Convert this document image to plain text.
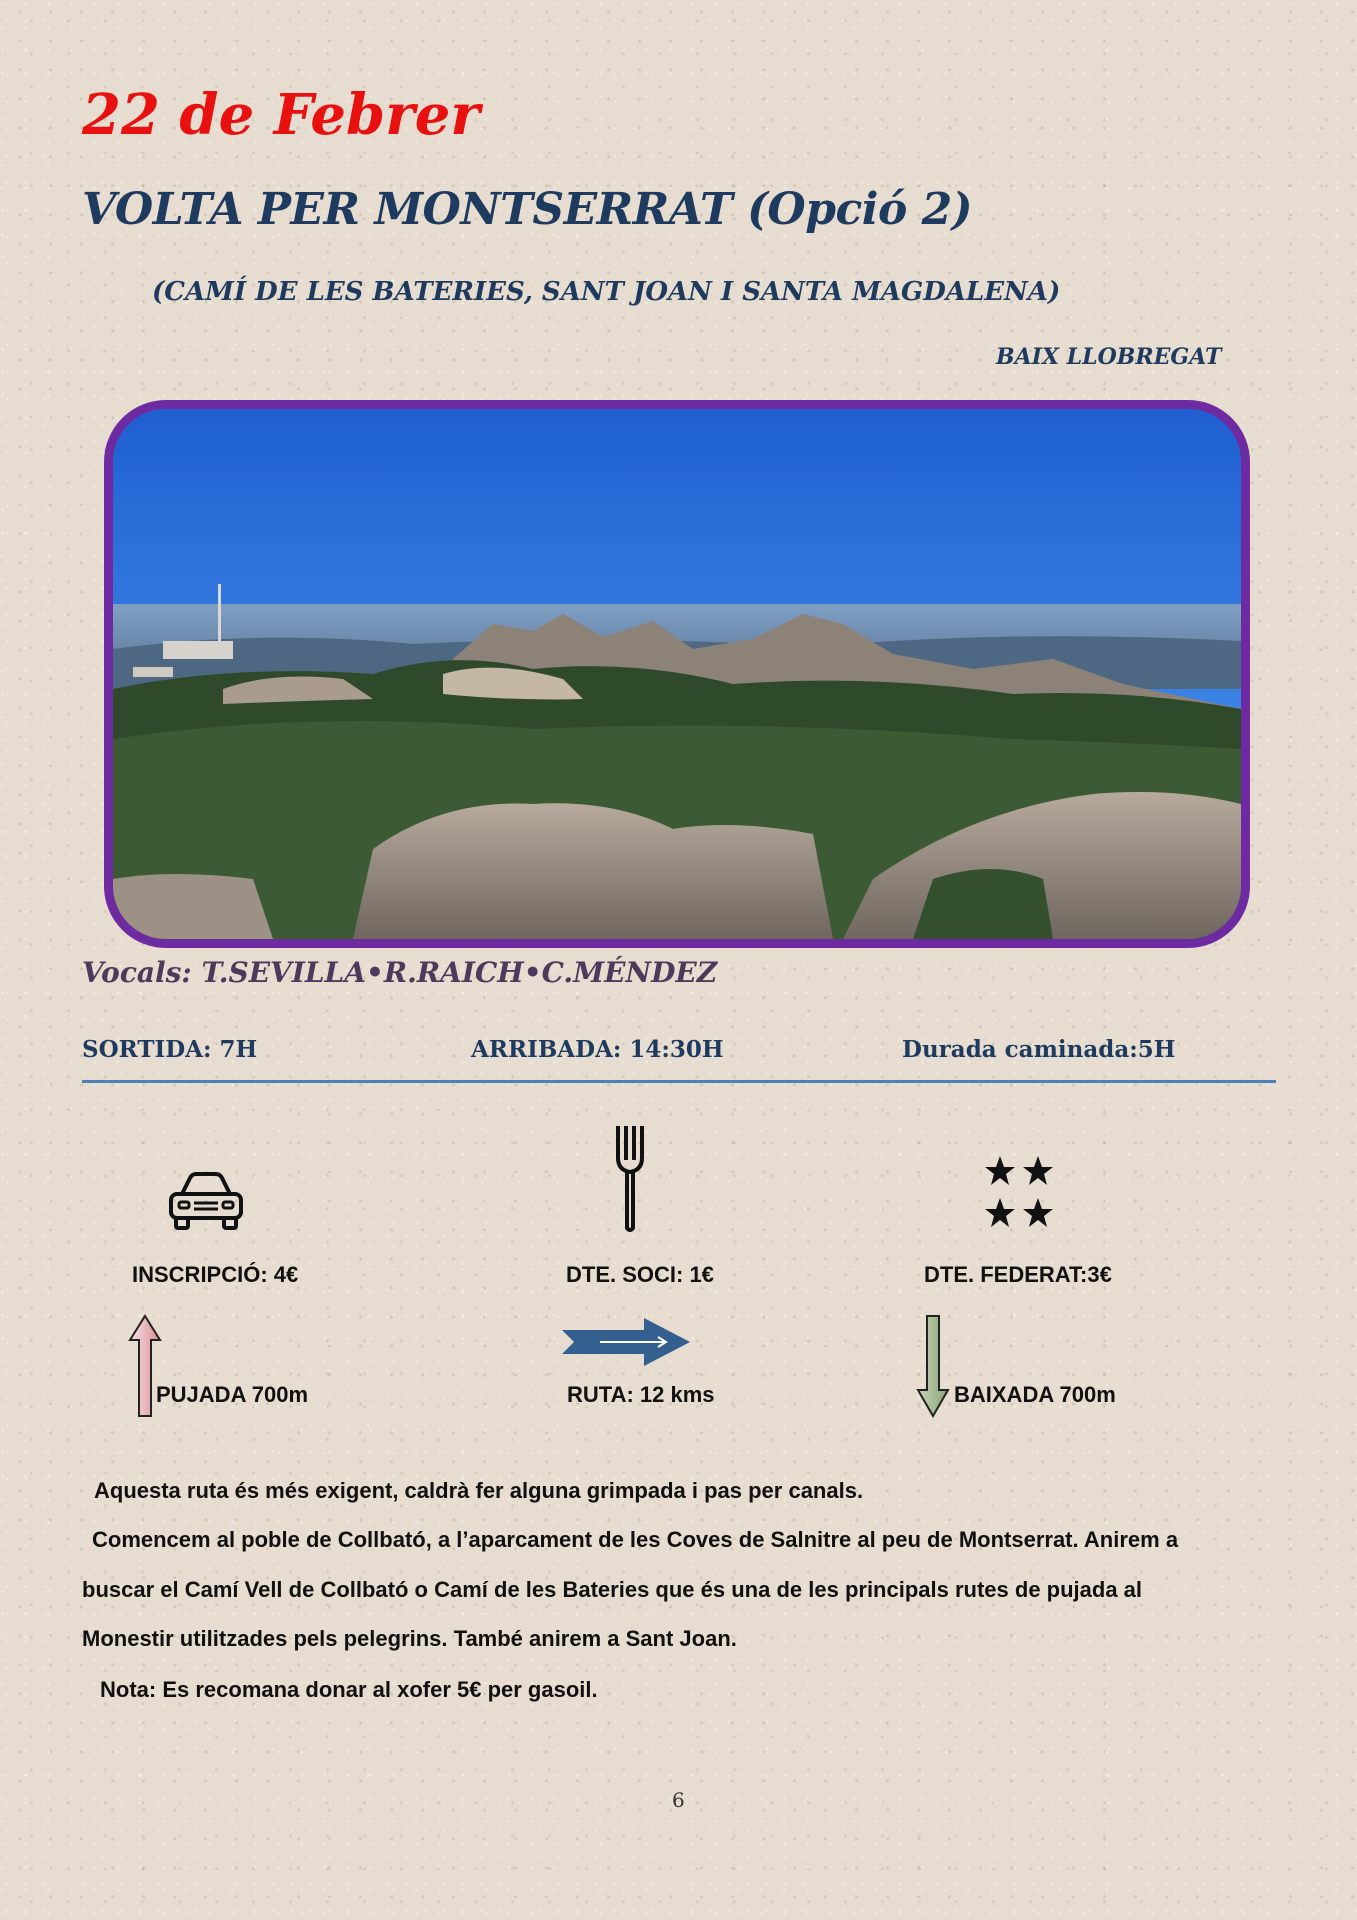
22 de Febrer
VOLTA PER MONTSERRAT (Opció 2)
(CAMÍ DE LES BATERIES, SANT JOAN I SANTA MAGDALENA)
BAIX LLOBREGAT
Vocals: T.SEVILLA•R.RAICH•C.MÉNDEZ
SORTIDA: 7H	ARRIBADA: 14:30H	Durada caminada:5H
INSCRIPCIÓ: 4€	DTE. SOCI: 1€	DTE. FEDERAT:3€
PUJADA 700m	RUTA: 12 kms	BAIXADA 700m
Aquesta ruta és més exigent, caldrà fer alguna grimpada i pas per canals.
Comencem al poble de Collbató, a l’aparcament de les Coves de Salnitre al peu de Montserrat. Anirem a
buscar el Camí Vell de Collbató o Camí de les Bateries que és una de les principals rutes de pujada al
Monestir utilitzades pels pelegrins. També anirem a Sant Joan.
Nota: Es recomana donar al xofer 5€ per gasoil.
6
